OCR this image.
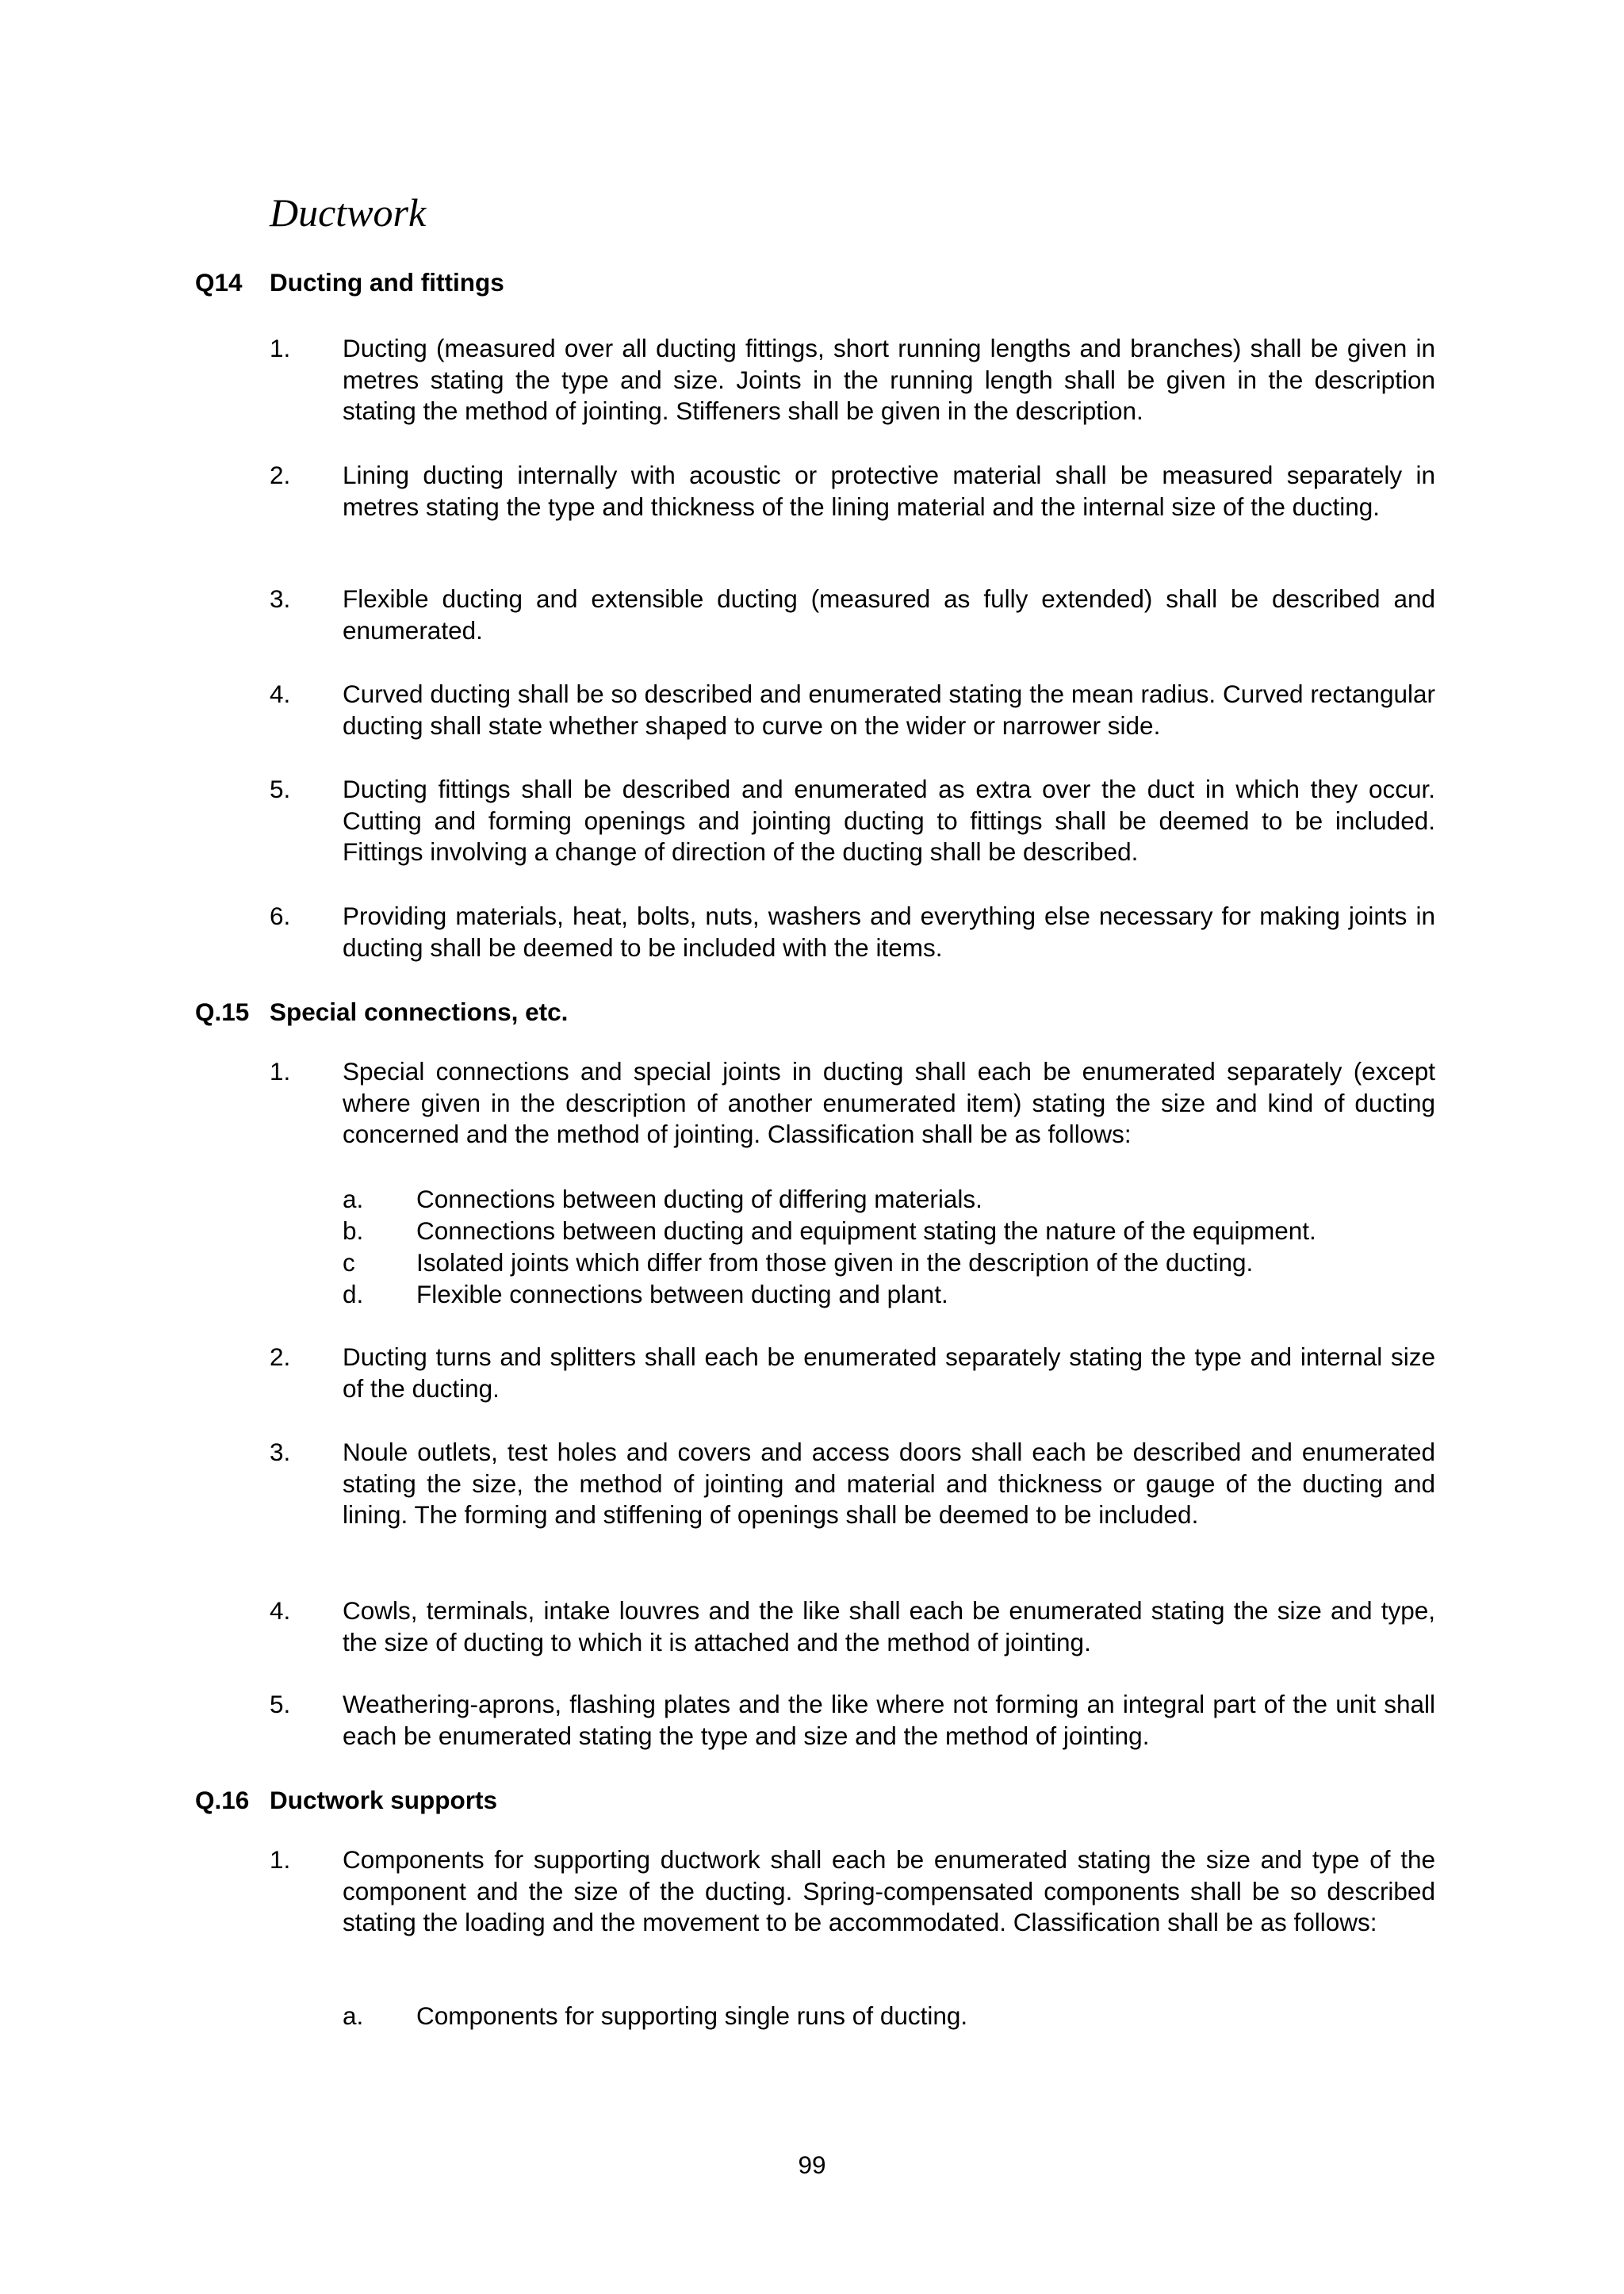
Ductwork
Q14 Ducting and fittings
1.	Ducting (measured over all ducting fittings, short running lengths and branches) shall be given in metres stating the type and size. Joints in the running length shall be given in the description stating the method of jointing. Stiffeners shall be given in the description.
2.	Lining ducting internally with acoustic or protective material shall be measured separately in metres stating the type and thickness of the lining material and the internal size of the ducting.
3.	Flexible ducting and extensible ducting (measured as fully extended) shall be described and enumerated.
4.	Curved ducting shall be so described and enumerated stating the mean radius. Curved rectangular ducting shall state whether shaped to curve on the wider or narrower side.
5.	Ducting fittings shall be described and enumerated as extra over the duct in which they occur. Cutting and forming openings and jointing ducting to fittings shall be deemed to be included. Fittings involving a change of direction of the ducting shall be described.
6.	Providing materials, heat, bolts, nuts, washers and everything else necessary for making joints in ducting shall be deemed to be included with the items.
Q.15 Special connections, etc.
1.	Special connections and special joints in ducting shall each be enumerated separately (except where given in the description of another enumerated item) stating the size and kind of ducting concerned and the method of jointing. Classification shall be as follows:
a. Connections between ducting of differing materials.
b. Connections between ducting and equipment stating the nature of the equipment.
c Isolated joints which differ from those given in the description of the ducting.
d. Flexible connections between ducting and plant.
2.	Ducting turns and splitters shall each be enumerated separately stating the type and internal size of the ducting.
3.	Noule outlets, test holes and covers and access doors shall each be described and enumerated stating the size, the method of jointing and material and thickness or gauge of the ducting and lining. The forming and stiffening of openings shall be deemed to be included.
4.	Cowls, terminals, intake louvres and the like shall each be enumerated stating the size and type, the size of ducting to which it is attached and the method of jointing.
5.	Weathering-aprons, flashing plates and the like where not forming an integral part of the unit shall each be enumerated stating the type and size and the method of jointing.
Q.16 Ductwork supports
1.	Components for supporting ductwork shall each be enumerated stating the size and type of the component and the size of the ducting. Spring-compensated components shall be so described stating the loading and the movement to be accommodated. Classification shall be as follows:
a. Components for supporting single runs of ducting.
99
